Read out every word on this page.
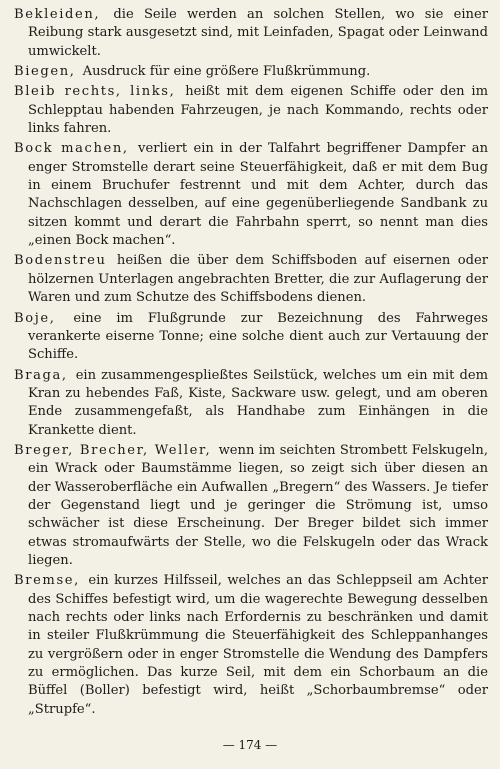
Bekleiden, die Seile werden an solchen Stellen, wo sie einer Reibung stark ausgesetzt sind, mit Leinfaden, Spagat oder Leinwand umwickelt.

Biegen, Ausdruck für eine größere Flußkrümmung.

Bleib rechts, links, heißt mit dem eigenen Schiffe oder den im Schlepptau habenden Fahrzeugen, je nach Kommando, rechts oder links fahren.

Bock machen, verliert ein in der Talfahrt begriffener Dampfer an enger Stromstelle derart seine Steuerfähigkeit, daß er mit dem Bug in einem Bruchufer festrennt und mit dem Achter, durch das Nachschlagen desselben, auf eine gegenüberliegende Sandbank zu sitzen kommt und derart die Fahrbahn sperrt, so nennt man dies „einen Bock machen“.

Bodenstreu heißen die über dem Schiffsboden auf eisernen oder hölzernen Unterlagen angebrachten Bretter, die zur Auflagerung der Waren und zum Schutze des Schiffsbodens dienen.

Boje, eine im Flußgrunde zur Bezeichnung des Fahrweges verankerte eiserne Tonne; eine solche dient auch zur Vertauung der Schiffe.

Braga, ein zusammengespließtes Seilstück, welches um ein mit dem Kran zu hebendes Faß, Kiste, Sackware usw. gelegt, und am oberen Ende zusammengefaßt, als Handhabe zum Einhängen in die Krankette dient.

Breger, Brecher, Weller, wenn im seichten Strombett Felskugeln, ein Wrack oder Baumstämme liegen, so zeigt sich über diesen an der Wasseroberfläche ein Aufwallen „Bregern“ des Wassers. Je tiefer der Gegenstand liegt und je geringer die Strömung ist, umso schwächer ist diese Erscheinung. Der Breger bildet sich immer etwas stromaufwärts der Stelle, wo die Felskugeln oder das Wrack liegen.

Bremse, ein kurzes Hilfsseil, welches an das Schleppseil am Achter des Schiffes befestigt wird, um die wagerechte Bewegung desselben nach rechts oder links nach Erfordernis zu beschränken und damit in steiler Flußkrümmung die Steuerfähigkeit des Schleppanhanges zu vergrößern oder in enger Stromstelle die Wendung des Dampfers zu ermöglichen. Das kurze Seil, mit dem ein Schorbaum an die Büffel (Boller) befestigt wird, heißt „Schorbaumbremse“ oder „Strupfe“.

— 174 —
